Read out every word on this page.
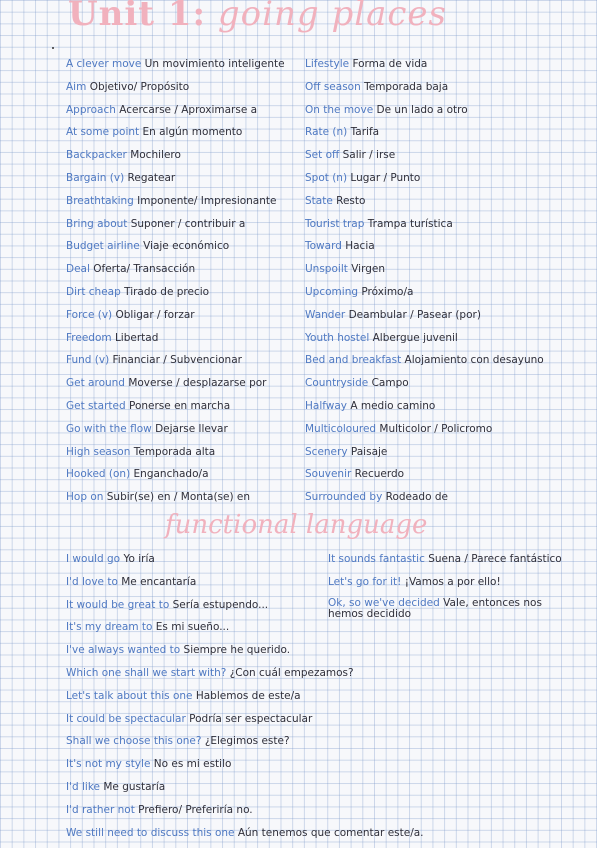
Unit 1: going places
A clever move Un movimiento inteligente
Aim Objetivo/ Propósito
Approach Acercarse / Aproximarse a
At some point En algún momento
Backpacker Mochilero
Bargain (v) Regatear
Breathtaking Imponente/ Impresionante
Bring about Suponer / contribuir a
Budget airline Viaje económico
Deal Oferta/ Transacción
Dirt cheap Tirado de precio
Force (v) Obligar / forzar
Freedom Libertad
Fund (v) Financiar / Subvencionar
Get around Moverse / desplazarse por
Get started Ponerse en marcha
Go with the flow Dejarse llevar
High season Temporada alta
Hooked (on) Enganchado/a
Hop on Subir(se) en / Monta(se) en
Lifestyle Forma de vida
Off season Temporada baja
On the move De un lado a otro
Rate (n) Tarifa
Set off Salir / irse
Spot (n) Lugar / Punto
State Resto
Tourist trap Trampa turística
Toward Hacia
Unspoilt Virgen
Upcoming Próximo/a
Wander Deambular / Pasear (por)
Youth hostel Albergue juvenil
Bed and breakfast Alojamiento con desayuno
Countryside Campo
Halfway A medio camino
Multicoloured Multicolor / Policromo
Scenery Paisaje
Souvenir Recuerdo
Surrounded by Rodeado de
functional language
I would go Yo iría
I'd love to Me encantaría
It would be great to Sería estupendo...
It's my dream to Es mi sueño...
I've always wanted to Siempre he querido.
Which one shall we start with? ¿Con cuál empezamos?
Let's talk about this one Hablemos de este/a
It could be spectacular Podría ser espectacular
Shall we choose this one? ¿Elegimos este?
It's not my style No es mi estilo
I'd like Me gustaría
I'd rather not Prefiero/ Preferiría no.
We still need to discuss this one Aún tenemos que comentar este/a.
It sounds fantastic Suena / Parece fantástico
Let's go for it! ¡Vamos a por ello!
Ok, so we've decided Vale, entonces nos hemos decidido
